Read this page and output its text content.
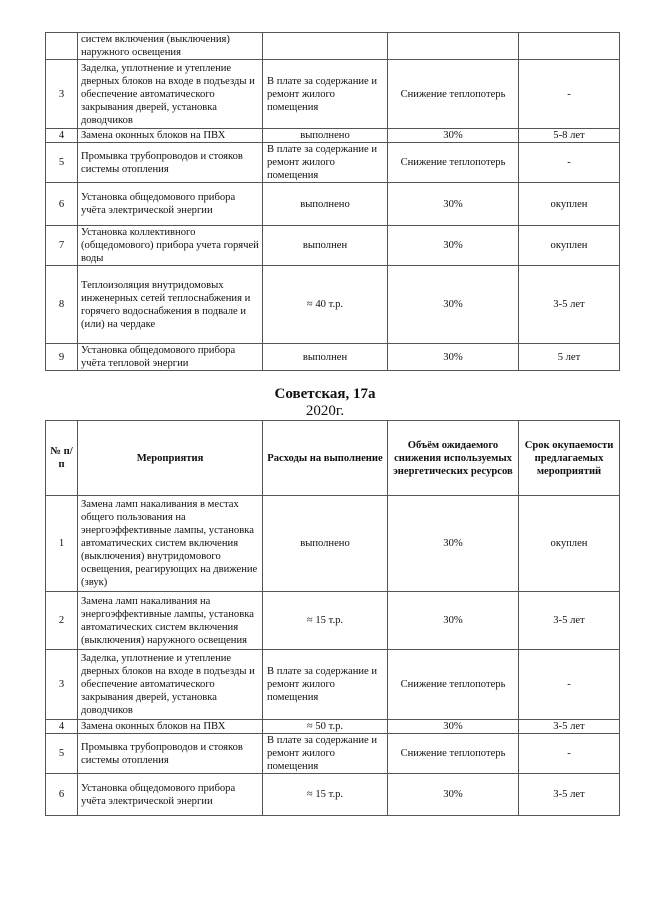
	систем включения (выключения) наружного освещения			
3	Заделка, уплотнение и утепление дверных блоков на входе в подъезды и обеспечение автоматического закрывания дверей, установка доводчиков	В плате за содержание и ремонт жилого помещения	Снижение теплопотерь	-
4	Замена оконных блоков на ПВХ	выполнено	30%	5-8 лет
5	Промывка трубопроводов и стояков системы отопления	В плате за содержание и ремонт жилого помещения	Снижение теплопотерь	-
6	Установка общедомового прибора учёта электрической энергии	выполнено	30%	окуплен
7	Установка коллективного (общедомового) прибора учета горячей воды	выполнен	30%	окуплен
8	Теплоизоляция внутридомовых инженерных сетей теплоснабжения и горячего водоснабжения в подвале и (или) на чердаке	≈ 40 т.р.	30%	3-5 лет
9	Установка общедомового прибора учёта тепловой энергии	выполнен	30%	5 лет
Советская, 17а
2020г.
№ п/п	Мероприятия	Расходы на выполнение	Объём ожидаемого снижения используемых энергетических ресурсов	Срок окупаемости предлагаемых мероприятий
1	Замена ламп накаливания в местах общего пользования на энергоэффективные лампы, установка автоматических систем включения (выключения) внутридомового освещения, реагирующих на движение (звук)	выполнено	30%	окуплен
2	Замена ламп накаливания на энергоэффективные лампы, установка автоматических систем включения (выключения) наружного освещения	≈ 15 т.р.	30%	3-5 лет
3	Заделка, уплотнение и утепление дверных блоков на входе в подъезды и обеспечение автоматического закрывания дверей, установка доводчиков	В плате за содержание и ремонт жилого помещения	Снижение теплопотерь	-
4	Замена оконных блоков на ПВХ	≈ 50 т.р.	30%	3-5 лет
5	Промывка трубопроводов и стояков системы отопления	В плате за содержание и ремонт жилого помещения	Снижение теплопотерь	-
6	Установка общедомового прибора учёта электрической энергии	≈ 15 т.р.	30%	3-5 лет
